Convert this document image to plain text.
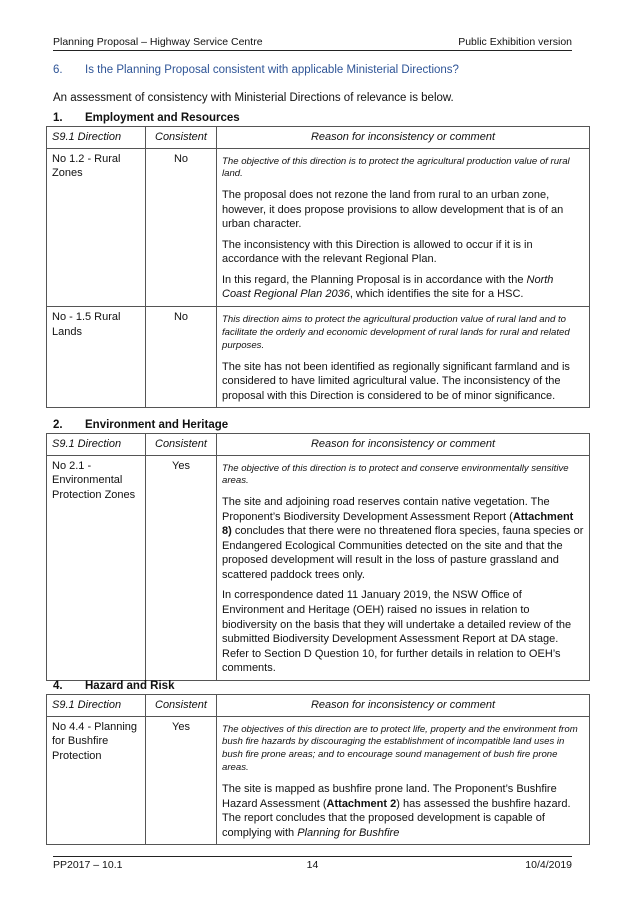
Planning Proposal – Highway Service Centre	Public Exhibition version
6. Is the Planning Proposal consistent with applicable Ministerial Directions?
An assessment of consistency with Ministerial Directions of relevance is below.
1. Employment and Resources
S9.1 Direction	Consistent	Reason for inconsistency or comment
No 1.2 - Rural Zones	No	The objective of this direction is to protect the agricultural production value of rural land.

The proposal does not rezone the land from rural to an urban zone, however, it does propose provisions to allow development that is of an urban character.

The inconsistency with this Direction is allowed to occur if it is in accordance with the relevant Regional Plan.

In this regard, the Planning Proposal is in accordance with the North Coast Regional Plan 2036, which identifies the site for a HSC.

No - 1.5 Rural Lands	No	This direction aims to protect the agricultural production value of rural land and to facilitate the orderly and economic development of rural lands for rural and related purposes.

The site has not been identified as regionally significant farmland and is considered to have limited agricultural value. The inconsistency of the proposal with this Direction is considered to be of minor significance.

2. Environment and Heritage
S9.1 Direction	Consistent	Reason for inconsistency or comment
No 2.1 - Environmental Protection Zones	Yes	The objective of this direction is to protect and conserve environmentally sensitive areas.

The site and adjoining road reserves contain native vegetation. The Proponent’s Biodiversity Development Assessment Report (Attachment 8) concludes that there were no threatened flora species, fauna species or Endangered Ecological Communities detected on the site and that the proposed development will result in the loss of pasture grassland and scattered paddock trees only.

In correspondence dated 11 January 2019, the NSW Office of Environment and Heritage (OEH) raised no issues in relation to biodiversity on the basis that they will undertake a detailed review of the submitted Biodiversity Development Assessment Report at DA stage. Refer to Section D Question 10, for further details in relation to OEH’s comments.

4. Hazard and Risk
S9.1 Direction	Consistent	Reason for inconsistency or comment
No 4.4 - Planning for Bushfire Protection	Yes	The objectives of this direction are to protect life, property and the environment from bush fire hazards by discouraging the establishment of incompatible land uses in bush fire prone areas; and to encourage sound management of bush fire prone areas.

The site is mapped as bushfire prone land. The Proponent’s Bushfire Hazard Assessment (Attachment 2) has assessed the bushfire hazard. The report concludes that the proposed development is capable of complying with Planning for Bushfire

PP2017 – 10.1	14	10/4/2019
